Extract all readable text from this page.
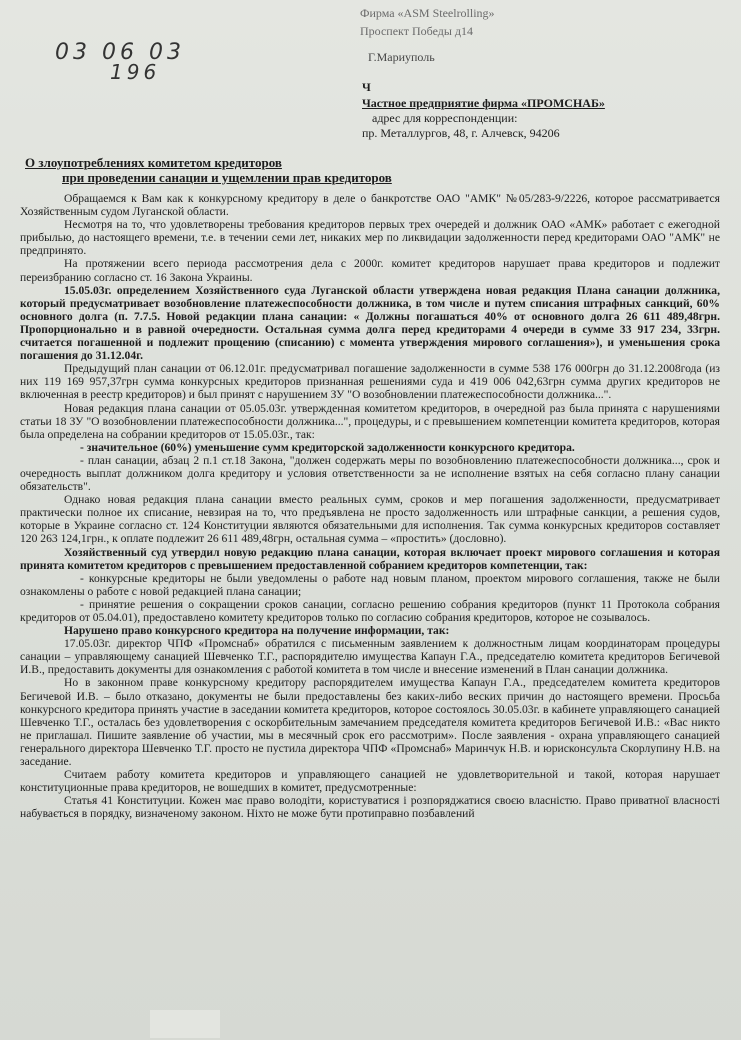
Фирма «ASM Steelrolling»
Проспект Победы д14
03 06 03
196
Г.Мариуполь
Ч
Частное предприятие фирма «ПРОМСНАБ»
адрес для корреспонденции:
пр. Металлургов, 48, г. Алчевск, 94206
О злоупотреблениях комитетом кредиторов
при проведении санации и ущемлении прав кредиторов

Обращаемся к Вам как к конкурсному кредитору в деле о банкротстве ОАО "АМК" №05/283-9/2226, которое рассматривается Хозяйственным судом Луганской области.

Несмотря на то, что удовлетворены требования кредиторов первых трех очередей и должник ОАО «АМК» работает с ежегодной прибылью, до настоящего времени, т.е. в течении семи лет, никаких мер по ликвидации задолженности перед кредиторами ОАО "АМК" не предпринято.

На протяжении всего периода рассмотрения дела с 2000г. комитет кредиторов нарушает права кредиторов и подлежит переизбранию согласно ст. 16 Закона Украины.

15.05.03г. определением Хозяйственного суда Луганской области утверждена новая редакция Плана санации должника, который предусматривает возобновление платежеспособности должника, в том числе и путем списания штрафных санкций, 60% основного долга (п. 7.7.5. Новой редакции плана санации: « Должны погашаться 40% от основного долга 26 611 489,48грн. Пропорционально и в равной очередности. Остальная сумма долга перед кредиторами 4 очереди в сумме 33 917 234, 33грн. считается погашенной и подлежит прощению (списанию) с момента утверждения мирового соглашения»), и уменьшения срока погашения до 31.12.04г.

Предыдущий план санации от 06.12.01г. предусматривал погашение задолженности в сумме 538 176 000грн до 31.12.2008года (из них 119 169 957,37грн сумма конкурсных кредиторов признанная решениями суда и 419 006 042,63грн сумма других кредиторов не включенная в реестр кредиторов) и был принят с нарушением ЗУ "О возобновлении платежеспособности должника...".

Новая редакция плана санации от 05.05.03г. утвержденная комитетом кредиторов, в очередной раз была принята с нарушениями статьи 18 ЗУ "О возобновлении платежеспособности должника...", процедуры, и с превышением компетенции комитета кредиторов, которая была определена на собрании кредиторов от 15.05.03г., так:

- значительное (60%) уменьшение сумм кредиторской задолженности конкурсного кредитора.

- план санации, абзац 2 п.1 ст.18 Закона, "должен содержать меры по возобновлению платежеспособности должника..., срок и очередность выплат должником долга кредитору и условия ответственности за не исполнение взятых на себя согласно плану санации обязательств".

Однако новая редакция плана санации вместо реальных сумм, сроков и мер погашения задолженности, предусматривает практически полное их списание, невзирая на то, что предъявлена не просто задолженность или штрафные санкции, а решения судов, которые в Украине согласно ст. 124 Конституции являются обязательными для исполнения. Так сумма конкурсных кредиторов составляет 120 263 124,1грн., к оплате подлежит 26 611 489,48грн, остальная сумма – «простить» (дословно).

Хозяйственный суд утвердил новую редакцию плана санации, которая включает проект мирового соглашения и которая принята комитетом кредиторов с превышением предоставленной собранием кредиторов компетенции, так:

- конкурсные кредиторы не были уведомлены о работе над новым планом, проектом мирового соглашения, также не были ознакомлены о работе с новой редакцией плана санации;

- принятие решения о сокращении сроков санации, согласно решению собрания кредиторов (пункт 11 Протокола собрания кредиторов от 05.04.01), предоставлено комитету кредиторов только по согласию собрания кредиторов, которое не созывалось.

Нарушено право конкурсного кредитора на получение информации, так:

17.05.03г. директор ЧПФ «Промснаб» обратился с письменным заявлением к должностным лицам координаторам процедуры санации – управляющему санацией Шевченко Т.Г., распорядителю имущества Капаун Г.А., председателю комитета кредиторов Бегичевой И.В., предоставить документы для ознакомления с работой комитета в том числе и внесение изменений в План санации должника.

Но в законном праве конкурсному кредитору распорядителем имущества Капаун Г.А., председателем комитета кредиторов Бегичевой И.В. – было отказано, документы не были предоставлены без каких-либо веских причин до настоящего времени. Просьба конкурсного кредитора принять участие в заседании комитета кредиторов, которое состоялось 30.05.03г. в кабинете управляющего санацией Шевченко Т.Г., осталась без удовлетворения с оскорбительным замечанием председателя комитета кредиторов Бегичевой И.В.: «Вас никто не приглашал. Пишите заявление об участии, мы в месячный срок его рассмотрим». После заявления - охрана управляющего санацией генерального директора Шевченко Т.Г. просто не пустила директора ЧПФ «Промснаб» Маринчук Н.В. и юрисконсульта Скорлупину Н.В. на заседание.

Считаем работу комитета кредиторов и управляющего санацией не удовлетворительной и такой, которая нарушает конституционные права кредиторов, не вошедших в комитет, предусмотренные:

Статья 41 Конституции. Кожен має право володіти, користуватися і розпоряджатися своєю власністю. Право приватної власності набувається в порядку, визначеному законом. Ніхто не може бути протиправно позбавлений
